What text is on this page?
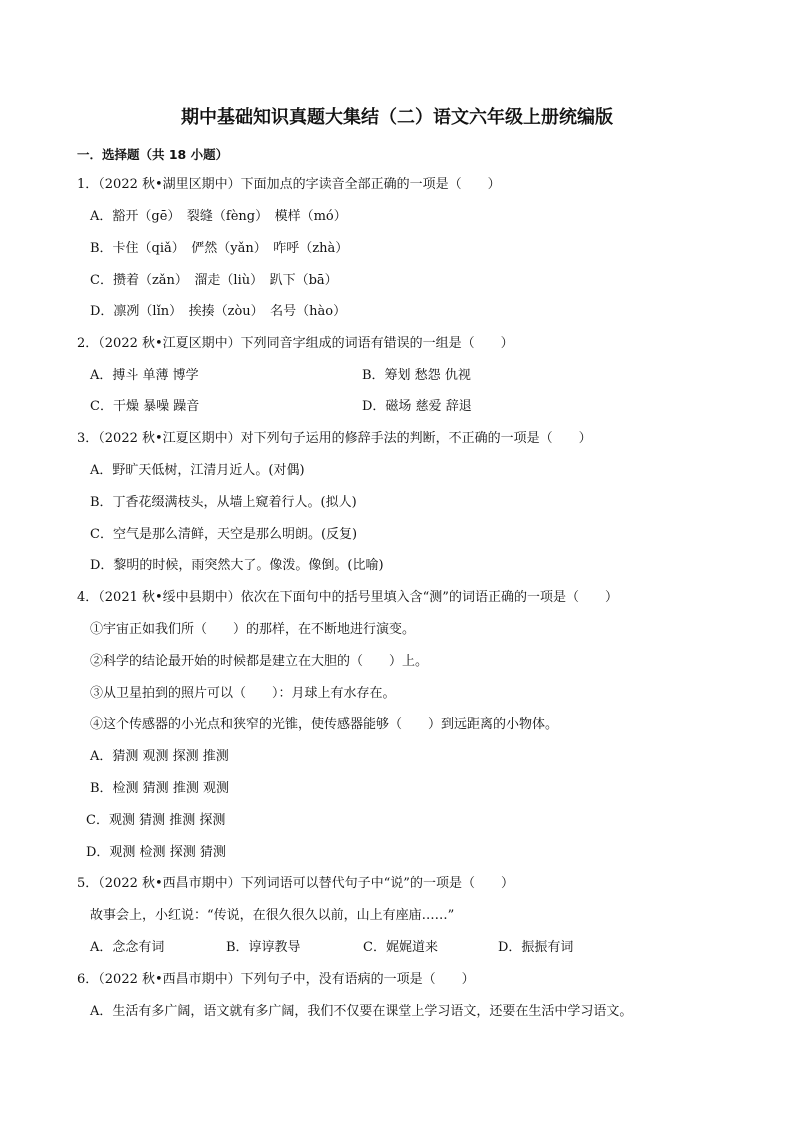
期中基础知识真题大集结（二）语文六年级上册统编版
一．选择题（共 18 小题）
1．（2022 秋•湖里区期中）下面加点的字读音全部正确的一项是（　　）
A．豁开（gē）　裂缝（fèng）　模样（mó）
B．卡住（qiǎ）　俨然（yǎn）　咋呼（zhà）
C．攒着（zǎn）　溜走（liù）　趴下（bā）
D．凛冽（lǐn）　挨揍（zòu）　名号（hào）
2．（2022 秋•江夏区期中）下列同音字组成的词语有错误的一组是（　　）
A．搏斗 单薄 博学	B．筹划 愁怨 仇视
C．干燥 暴噪 躁音	D．磁场 慈爱 辞退
3．（2022 秋•江夏区期中）对下列句子运用的修辞手法的判断，不正确的一项是（　　）
A．野旷天低树，江清月近人。(对偶)
B．丁香花缀满枝头，从墙上窥着行人。(拟人)
C．空气是那么清鲜，天空是那么明朗。(反复)
D．黎明的时候，雨突然大了。像泼。像倒。(比喻)
4．（2021 秋•绥中县期中）依次在下面句中的括号里填入含“测”的词语正确的一项是（　　）
①宇宙正如我们所（　　）的那样，在不断地进行演变。
②科学的结论最开始的时候都是建立在大胆的（　　）上。
③从卫星拍到的照片可以（　　）：月球上有水存在。
④这个传感器的小光点和狭窄的光锥，使传感器能够（　　）到远距离的小物体。
A．猜测 观测 探测 推测
B．检测 猜测 推测 观测
C．观测 猜测 推测 探测
D．观测 检测 探测 猜测
5．（2022 秋•西昌市期中）下列词语可以替代句子中“说”的一项是（　　）
故事会上，小红说：“传说，在很久很久以前，山上有座庙……”
A．念念有词	B．谆谆教导	C．娓娓道来	D．振振有词
6．（2022 秋•西昌市期中）下列句子中，没有语病的一项是（　　）
A．生活有多广阔，语文就有多广阔，我们不仅要在课堂上学习语文，还要在生活中学习语文。
